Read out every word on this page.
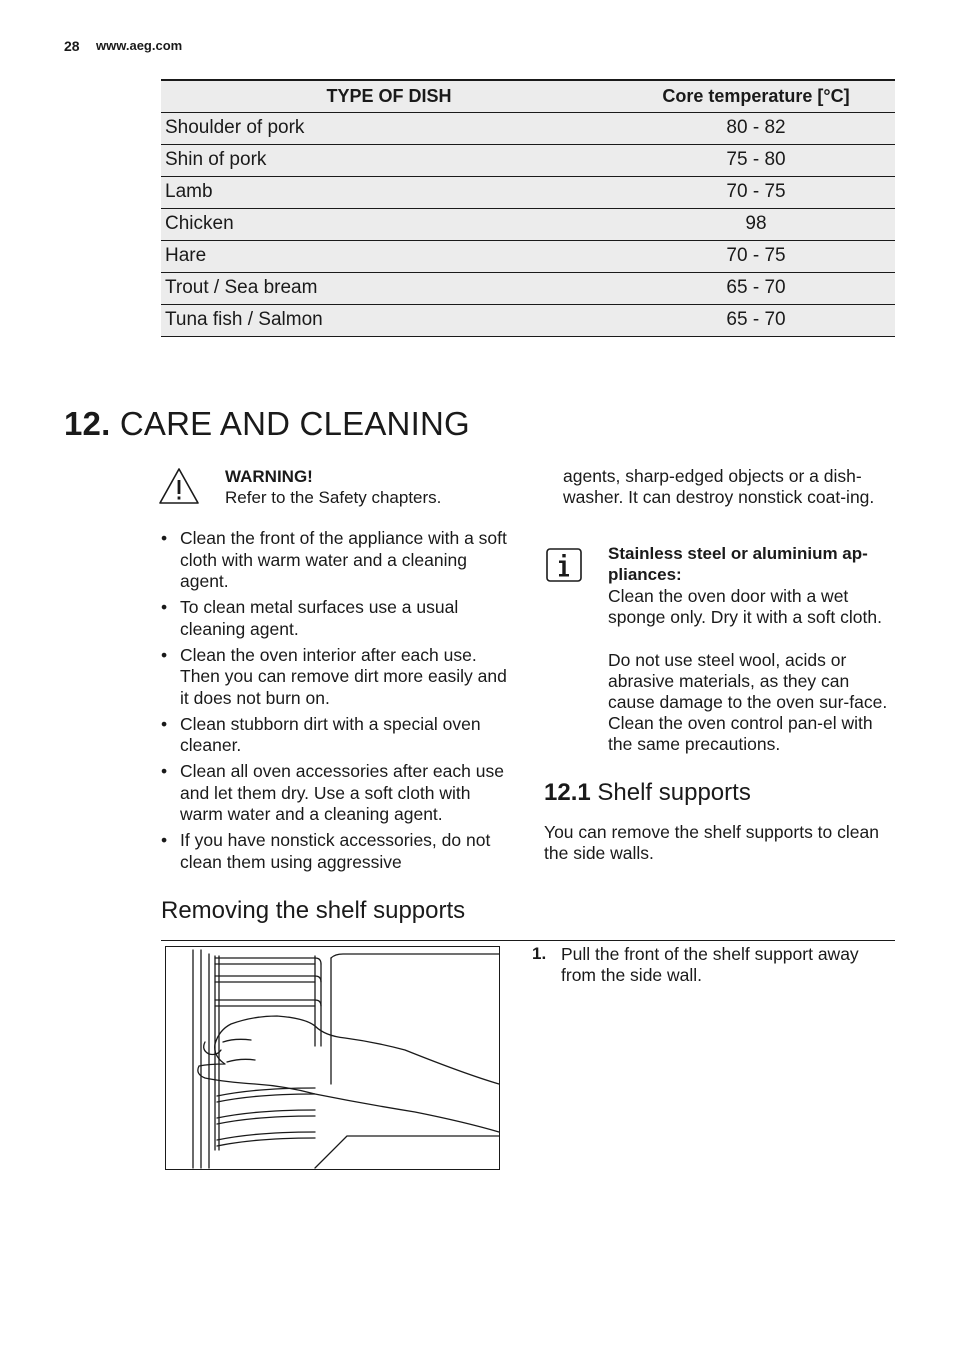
28 www.aeg.com
TYPE OF DISH	Core temperature [°C]
Shoulder of pork	80 - 82
Shin of pork	75 - 80
Lamb	70 - 75
Chicken	98
Hare	70 - 75
Trout / Sea bream	65 - 70
Tuna fish / Salmon	65 - 70
12. CARE AND CLEANING
WARNING!
Refer to the Safety chapters.
• Clean the front of the appliance with a soft cloth with warm water and a cleaning agent.
• To clean metal surfaces use a usual cleaning agent.
• Clean the oven interior after each use. Then you can remove dirt more easily and it does not burn on.
• Clean stubborn dirt with a special oven cleaner.
• Clean all oven accessories after each use and let them dry. Use a soft cloth with warm water and a cleaning agent.
• If you have nonstick accessories, do not clean them using aggressive
agents, sharp-edged objects or a dish-washer. It can destroy nonstick coat-ing.
Stainless steel or aluminium ap-pliances:
Clean the oven door with a wet sponge only. Dry it with a soft cloth.
Do not use steel wool, acids or abrasive materials, as they can cause damage to the oven sur-face. Clean the oven control pan-el with the same precautions.
12.1 Shelf supports
You can remove the shelf supports to clean the side walls.
Removing the shelf supports
1. Pull the front of the shelf support away from the side wall.
